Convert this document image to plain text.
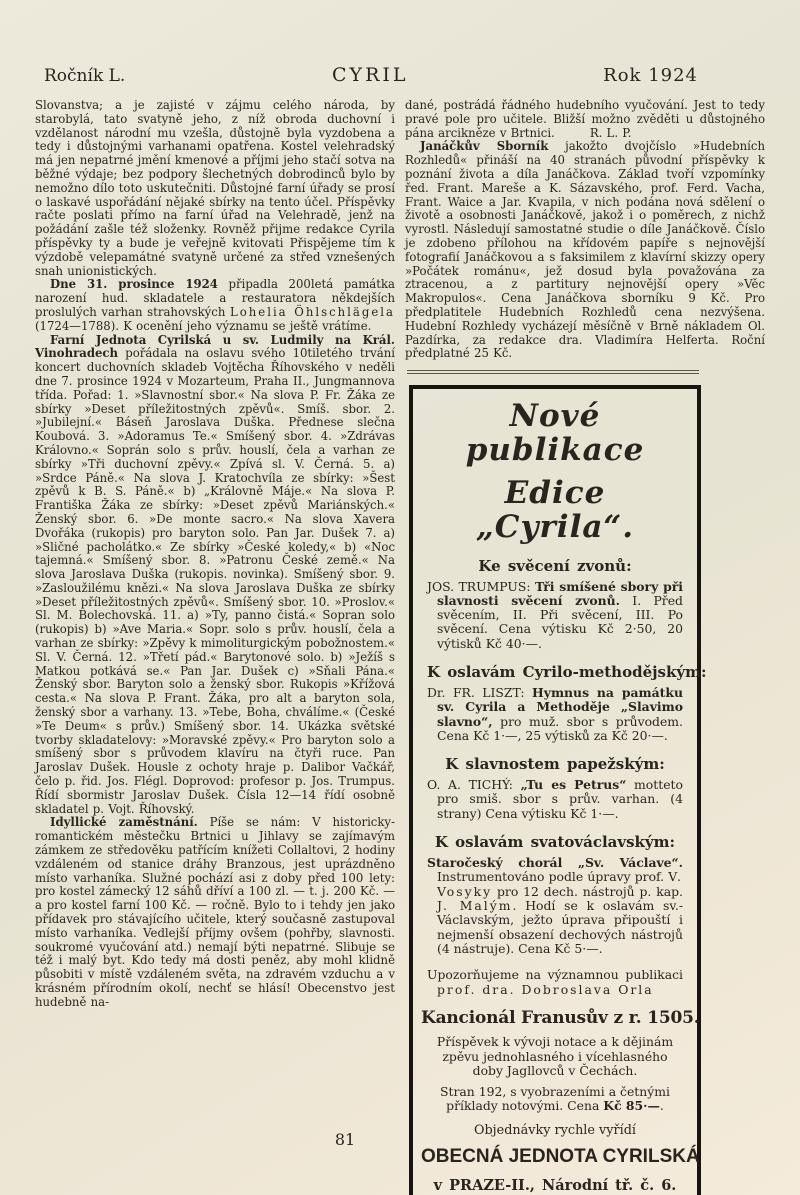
Ročník L.	CYRIL	Rok 1924

Slovanstva; a je zajisté v zájmu celého národa, by starobylá, tato svatyně jeho, z níž obroda duchovní i vzdělanost národní mu vzešla, důstojně byla vyzdobena a tedy i důstojnými varhanami opatřena. Kostel velehradský má jen nepatrné jmění kmenové a příjmi jeho stačí sotva na běžné výdaje; bez podpory šlechetných dobrodinců bylo by nemožno dílo toto uskutečniti. Důstojné farní úřady se prosí o laskavé uspořádání nějaké sbírky na tento účel. Příspěvky račte poslati přímo na farní úřad na Velehradě, jenž na požádání zašle též složenky. Rovněž přijme redakce Cyrila příspěvky ty a bude je veřejně kvitovati Přispějeme tím k výzdobě velepamátné svatyně určené za střed vznešených snah unionistických.

Dne 31. prosince 1924 připadla 200letá památka narození hud. skladatele a restauratora někdejších proslulých varhan strahovských Lohelia Öhlschlägela (1724—1788). K ocenění jeho významu se ještě vrátíme.

Farní Jednota Cyrilská u sv. Ludmily na Král. Vinohradech pořádala na oslavu svého 10tiletého trvání koncert duchovních skladeb Vojtěcha Říhovského v neděli dne 7. prosince 1924 v Mozarteum, Praha II., Jungmannova třída. Pořad: 1. »Slavnostní sbor.« Na slova P. Fr. Žáka ze sbírky »Deset příležitostných zpěvů«. Smíš. sbor. 2. »Jubilejní.« Báseň Jaroslava Duška. Přednese slečna Koubová. 3. »Adoramus Te.« Smíšený sbor. 4. »Zdrávas Královno.« Soprán solo s prův. houslí, čela a varhan ze sbírky »Tři duchovní zpěvy.« Zpívá sl. V. Černá. 5. a) »Srdce Páně.« Na slova J. Kratochvíla ze sbírky: »Šest zpěvů k B. S. Páně.« b) „Královně Máje.« Na slova P. Františka Žáka ze sbírky: »Deset zpěvů Mariánských.« Ženský sbor. 6. »De monte sacro.« Na slova Xavera Dvořáka (rukopis) pro baryton solo. Pan Jar. Dušek 7. a) »Sličné pacholátko.« Ze sbírky »České koledy,« b) «Noc tajemná.« Smíšený sbor. 8. »Patronu České země.« Na slova Jaroslava Duška (rukopis. novinka). Smíšený sbor. 9. »Zasloužilému knězi.« Na slova Jaroslava Duška ze sbírky »Deset příležitostných zpěvů«. Smíšený sbor. 10. »Proslov.« Sl. M. Bolechovská. 11. a) »Ty, panno čistá.« Sopran solo (rukopis) b) »Ave Maria.« Sopr. solo s prův. houslí, čela a varhan ze sbírky: »Zpěvy k mimoliturgickým pobožnostem.« Sl. V. Černá. 12. »Třetí pád.« Barytonové solo. b) »Ježíš s Matkou potkává se.« Pan Jar. Dušek c) »Sňali Pána.« Ženský sbor. Baryton solo a ženský sbor. Rukopis »Křížová cesta.« Na slova P. Frant. Žáka, pro alt a baryton sola, ženský sbor a varhany. 13. »Tebe, Boha, chválíme.« (České »Te Deum« s prův.) Smíšený sbor. 14. Ukázka světské tvorby skladatelovy: »Moravské zpěvy.« Pro baryton solo a smíšený sbor s průvodem klavíru na čtyři ruce. Pan Jaroslav Dušek. Housle z ochoty hraje p. Dalibor Vačkář, čelo p. řid. Jos. Flégl. Doprovod: profesor p. Jos. Trumpus. Řídí sbormistr Jaroslav Dušek. Čísla 12—14 řídí osobně skladatel p. Vojt. Říhovský.

Idyllické zaměstnání. Píše se nám: V historicky-romantickém městečku Brtnici u Jihlavy se zajímavým zámkem ze středověku patřícím knížeti Collaltovi, 2 hodiny vzdáleném od stanice dráhy Branzous, jest uprázdněno místo varhaníka. Služné pochází asi z doby před 100 lety: pro kostel zámecký 12 sáhů dříví a 100 zl. — t. j. 200 Kč. — a pro kostel farní 100 Kč. — ročně. Bylo to i tehdy jen jako přídavek pro stávajícího učitele, který současně zastupoval místo varhaníka. Vedlejší příjmy ovšem (pohřby, slavnosti. soukromé vyučování atd.) nemají býti nepatrné. Slibuje se též i malý byt. Kdo tedy má dosti peněz, aby mohl klidně působiti v místě vzdáleném světa, na zdravém vzduchu a v krásném přírodním okolí, nechť se hlásí! Obecenstvo jest hudebně na-

dané, postrádá řádného hudebního vyučování. Jest to tedy pravé pole pro učitele. Bližší možno zvěděti u důstojného pána arcikněze v Brtnici.   R. L. P.

Janáčkův Sborník jakožto dvojčíslo »Hudebních Rozhledů« přináší na 40 stranách původní příspěvky k poznání života a díla Janáčkova. Základ tvoří vzpomínky řed. Frant. Mareše a K. Sázavského, prof. Ferd. Vacha, Frant. Waice a Jar. Kvapila, v nich podána nová sdělení o životě a osobnosti Janáčkově, jakož i o poměrech, z nichž vyrostl. Následují samostatné studie o díle Janáčkově. Číslo je zdobeno přílohou na křídovém papíře s nejnovější fotografií Janáčkovou a s faksimilem z klavírní skizzy opery »Počátek románu«, jež dosud byla považována za ztracenou, a z partitury nejnovější opery »Věc Makropulos«. Cena Janáčkova sborníku 9 Kč. Pro předplatitele Hudebních Rozhledů cena nezvýšena. Hudební Rozhledy vycházejí měsíčně v Brně nákladem Ol. Pazdírka, za redakce dra. Vladimíra Helferta. Roční předplatné 25 Kč.

Nové publikace
Edice „Cyrila“.
Ke svěcení zvonů:

JOS. TRUMPUS: Tři smíšené sbory při slavnosti svěcení zvonů. I. Před svěcením, II. Při svěcení, III. Po svěcení. Cena výtisku Kč 2·50, 20 výtisků Kč 40·—.

K oslavám Cyrilo-methodějským:

Dr. FR. LISZT: Hymnus na památku sv. Cyrila a Methoděje „Slavimo slavno“, pro muž. sbor s průvodem. Cena Kč 1·—, 25 výtisků za Kč 20·—.

K slavnostem papežským:

O. A. TICHÝ: „Tu es Petrus“ motteto pro smiš. sbor s prův. varhan. (4 strany) Cena výtisku Kč 1·—.

K oslavám svatováclavským:

Staročeský chorál „Sv. Václave“. Instrumentováno podle úpravy prof. V. Vosyky pro 12 dech. nástrojů p. kap. J. Malým. Hodí se k oslavám sv.-Václavským, ježto úprava připouští i nejmenší obsazení dechových nástrojů (4 nástruje). Cena Kč 5·—.

Upozorňujeme na významnou publikaci prof. dra. Dobroslava Orla

Kancionál Franusův z r. 1505.

Příspěvek k vývoji notace a k dějinám zpěvu jednohlasného i vícehlasného doby Jagllovců v Čechách.

Stran 192, s vyobrazeními a četnými příklady notovými. Cena Kč 85·—.

Objednávky rychle vyřídí

OBECNÁ JEDNOTA CYRILSKÁ
v PRAZE-II., Národní tř. č. 6.
81
